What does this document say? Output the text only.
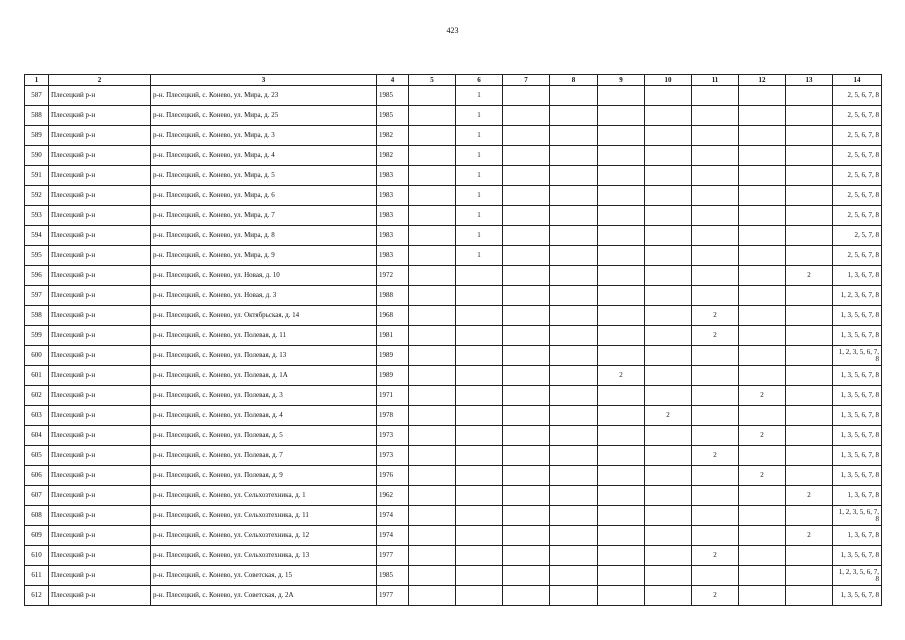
423
1	2	3	4	5	6	7	8	9	10	11	12	13	14
587	Плесецкий р-н	р-н. Плесецкий, с. Конево, ул. Мира, д. 23	1985		1								2, 5, 6, 7, 8
588	Плесецкий р-н	р-н. Плесецкий, с. Конево, ул. Мира, д. 25	1985		1								2, 5, 6, 7, 8
589	Плесецкий р-н	р-н. Плесецкий, с. Конево, ул. Мира, д. 3	1982		1								2, 5, 6, 7, 8
590	Плесецкий р-н	р-н. Плесецкий, с. Конево, ул. Мира, д. 4	1982		1								2, 5, 6, 7, 8
591	Плесецкий р-н	р-н. Плесецкий, с. Конево, ул. Мира, д. 5	1983		1								2, 5, 6, 7, 8
592	Плесецкий р-н	р-н. Плесецкий, с. Конево, ул. Мира, д. 6	1983		1								2, 5, 6, 7, 8
593	Плесецкий р-н	р-н. Плесецкий, с. Конево, ул. Мира, д. 7	1983		1								2, 5, 6, 7, 8
594	Плесецкий р-н	р-н. Плесецкий, с. Конево, ул. Мира, д. 8	1983		1								2, 5, 7, 8
595	Плесецкий р-н	р-н. Плесецкий, с. Конево, ул. Мира, д. 9	1983		1								2, 5, 6, 7, 8
596	Плесецкий р-н	р-н. Плесецкий, с. Конево, ул. Новая, д. 10	1972									2	1, 3, 6, 7, 8
597	Плесецкий р-н	р-н. Плесецкий, с. Конево, ул. Новая, д. 3	1988										1, 2, 3, 6, 7, 8
598	Плесецкий р-н	р-н. Плесецкий, с. Конево, ул. Октябрьская, д. 14	1968							2			1, 3, 5, 6, 7, 8
599	Плесецкий р-н	р-н. Плесецкий, с. Конево, ул. Полевая, д. 11	1981							2			1, 3, 5, 6, 7, 8
600	Плесецкий р-н	р-н. Плесецкий, с. Конево, ул. Полевая, д. 13	1989										1, 2, 3, 5, 6, 7, 8
601	Плесецкий р-н	р-н. Плесецкий, с. Конево, ул. Полевая, д. 1А	1989					2					1, 3, 5, 6, 7, 8
602	Плесецкий р-н	р-н. Плесецкий, с. Конево, ул. Полевая, д. 3	1971								2		1, 3, 5, 6, 7, 8
603	Плесецкий р-н	р-н. Плесецкий, с. Конево, ул. Полевая, д. 4	1978						2				1, 3, 5, 6, 7, 8
604	Плесецкий р-н	р-н. Плесецкий, с. Конево, ул. Полевая, д. 5	1973								2		1, 3, 5, 6, 7, 8
605	Плесецкий р-н	р-н. Плесецкий, с. Конево, ул. Полевая, д. 7	1973							2			1, 3, 5, 6, 7, 8
606	Плесецкий р-н	р-н. Плесецкий, с. Конево, ул. Полевая, д. 9	1976								2		1, 3, 5, 6, 7, 8
607	Плесецкий р-н	р-н. Плесецкий, с. Конево, ул. Сельхозтехника, д. 1	1962									2	1, 3, 6, 7, 8
608	Плесецкий р-н	р-н. Плесецкий, с. Конево, ул. Сельхозтехника, д. 11	1974										1, 2, 3, 5, 6, 7, 8
609	Плесецкий р-н	р-н. Плесецкий, с. Конево, ул. Сельхозтехника, д. 12	1974									2	1, 3, 6, 7, 8
610	Плесецкий р-н	р-н. Плесецкий, с. Конево, ул. Сельхозтехника, д. 13	1977							2			1, 3, 5, 6, 7, 8
611	Плесецкий р-н	р-н. Плесецкий, с. Конево, ул. Советская, д. 15	1985										1, 2, 3, 5, 6, 7, 8
612	Плесецкий р-н	р-н. Плесецкий, с. Конево, ул. Советская, д. 2А	1977							2			1, 3, 5, 6, 7, 8
